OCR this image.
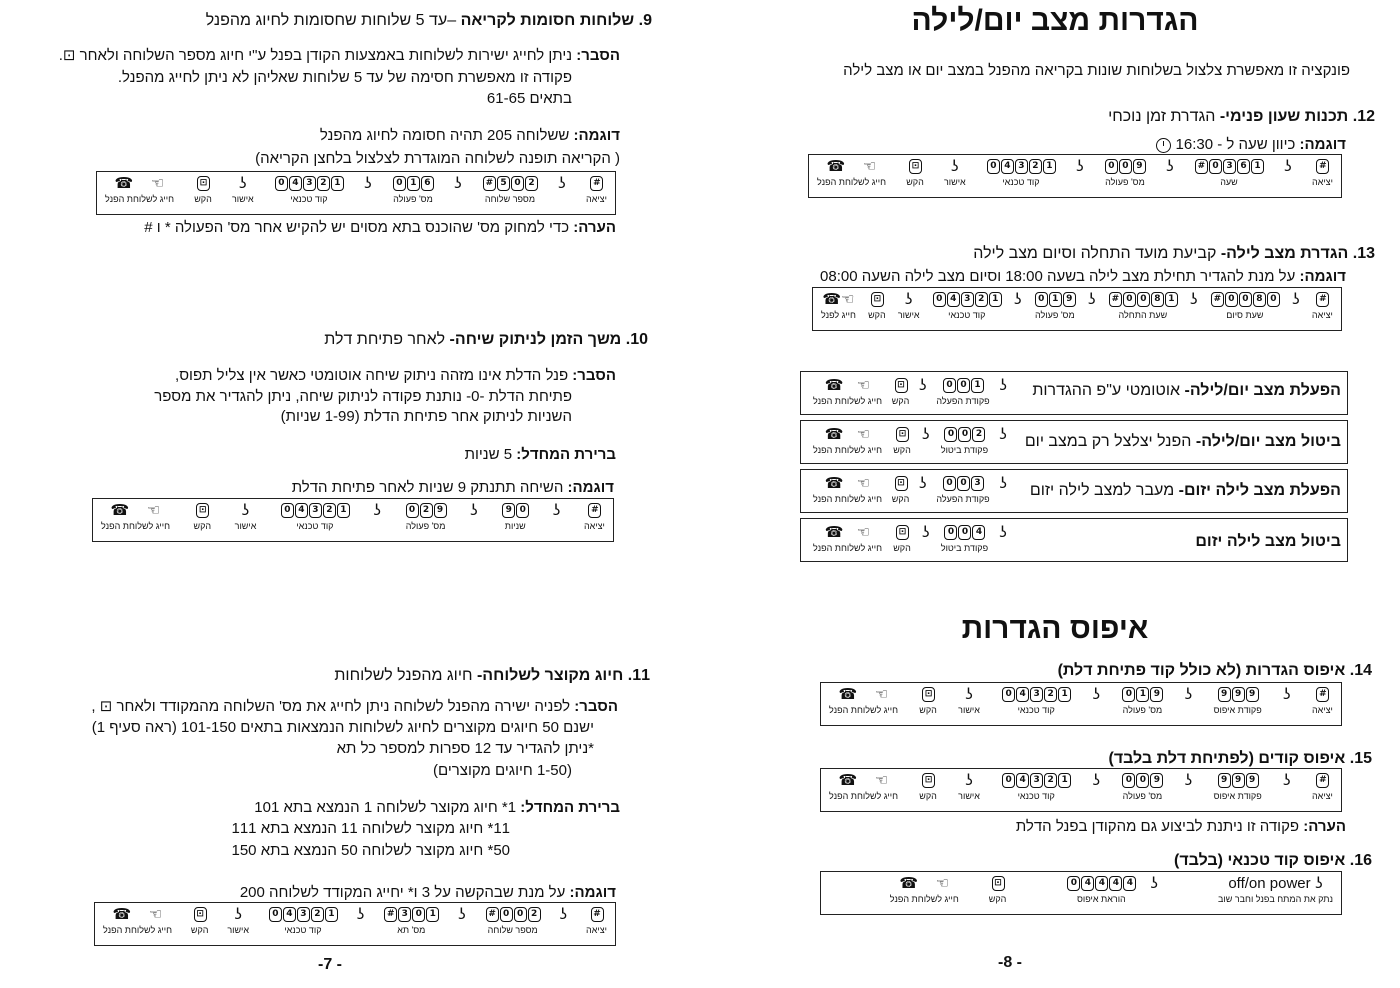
הגדרות מצב יום/לילה
פונקציה זו מאפשרת צלצול בשלוחות שונות בקריאה מהפנל במצב יום או מצב לילה
12. תכנות שעון פנימי- הגדרת זמן נוכחי
דוגמה: כיוון שעה ל - 16:30
#
יציאה
ʖ

1
6
3
0
#
שעה
ʖ

9
0
0
מס' פעולה
ʖ

1
2
3
4
0
קוד טכנאי
ʖ
אישור
⊡
הקש
☜

☎
חייג לשלוחת הפנל
13. הגדרת מצב לילה- קביעת מועד התחלה וסיום מצב לילה
דוגמה: על מנת להגדיר תחילת מצב לילה בשעה 18:00 וסיום מצב לילה השעה 08:00
#
יציאה
ʖ

0
8
0
0
#
שעת סיום
ʖ

1
8
0
0
#
שעת התחלה
ʖ

9
1
0
מס' פעולה
ʖ

1
2
3
4
0
קוד טכנאי
ʖ
אישור
⊡
הקש
☜
☎
חייג לפנל
הפעלת מצב יום/לילה- אוטומטי ע"פ ההגדרות
ʖ

1
0
0
פקודת הפעלה
ʖ

⊡
הקש
☜

☎
חייג לשלוחת הפנל
ביטול מצב יום/לילה- הפנל יצלצל רק במצב יום
ʖ

2
0
0
פקודת ביטול
ʖ

⊡
הקש
☜

☎
חייג לשלוחת הפנל
הפעלת מצב לילה יזום- מעבר למצב לילה יזום
ʖ

3
0
0
פקודת הפעלה
ʖ

⊡
הקש
☜

☎
חייג לשלוחת הפנל
ביטול מצב לילה יזום
ʖ

4
0
0
פקודת ביטול
ʖ

⊡
הקש
☜

☎
חייג לשלוחת הפנל
איפוס הגדרות
14. איפוס הגדרות (לא כולל קוד פתיחת דלת)
#
יציאה
ʖ

9
9
9
פקודת איפוס
ʖ

9
1
0
מס' פעולה
ʖ

1
2
3
4
0
קוד טכנאי
ʖ
אישור
⊡
הקש
☜

☎
חייג לשלוחת הפנל
15. איפוס קודים (לפתיחת דלת בלבד)
#
יציאה
ʖ

9
9
9
פקודת איפוס
ʖ

9
0
0
מס' פעולה
ʖ

1
2
3
4
0
קוד טכנאי
ʖ
אישור
⊡
הקש
☜

☎
חייג לשלוחת הפנל
הערה: פקודה זו ניתנת לביצוע גם מהקודן בפנל הדלת
16. איפוס קוד טכנאי (בלבד)
ʖ

off/on power
נתק את המתח בפנל וחבר שוב
ʖ

4
4
4
4
0
הוראת איפוס
⊡
הקש
☜

☎
חייג לשלוחת הפנל
-8 -
9. שלוחות חסומות לקריאה –עד 5 שלוחות שחסומות לחיוג מהפנל
הסבר: ניתן לחייג ישירות לשלוחות באמצעות הקודן בפנל ע"י חיוג מספר השלוחה ולאחר ⊡.
פקודה זו מאפשרת חסימה של עד 5 שלוחות שאליהן לא ניתן לחייג מהפנל.
בתאים 61-65
דוגמה: ששלוחה 205 תהיה חסומה לחיוג מהפנל
( הקריאה תופנה לשלוחה המוגדרת לצלצול בלחצן הקריאה)
#
יציאה
ʖ

2
0
5
#
מספר שלוחה
ʖ

6
1
0
מס' פעולה
ʖ

1
2
3
4
0
קוד טכנאי
ʖ
אישור
⊡
הקש
☜

☎
חייג לשלוחת הפנל
הערה: כדי למחוק מס' שהוכנס בתא מסוים יש להקיש אחר מס' הפעולה * ו #
10. משך הזמן לניתוק שיחה- לאחר פתיחת דלת
הסבר: פנל הדלת אינו מזהה ניתוק שיחה אוטומטי כאשר אין צליל תפוס,
פתיחת הדלת -0- נותנת פקודה לניתוק שיחה, ניתן להגדיר את מספר
השניות לניתוק אחר פתיחת הדלת (1-99 שניות)
ברירת המחדל: 5 שניות
דוגמה: השיחה תתנתק 9 שניות לאחר פתיחת הדלת
#
יציאה
ʖ

0
9
שניות
ʖ

9
2
0
מס' פעולה
ʖ

1
2
3
4
0
קוד טכנאי
ʖ
אישור
⊡
הקש
☜

☎
חייג לשלוחת הפנל
11. חיוג מקוצר לשלוחה- חיוג מהפנל לשלוחות
הסבר: לפניה ישירה מהפנל לשלוחה ניתן לחייג את מס' השלוחה מהמקודד ולאחר ⊡ ,
ישנם 50 חיוגים מקוצרים לחיוג לשלוחות הנמצאות בתאים 101-150 (ראה סעיף 1)
*ניתן להגדיר עד 12 ספרות למספר כל תא
(1-50 חיוגים מקוצרים)
ברירת המחדל: 1* חיוג מקוצר לשלוחה 1 הנמצא בתא 101
11* חיוג מקוצר לשלוחה 11 הנמצא בתא 111
50* חיוג מקוצר לשלוחה 50 הנמצא בתא 150
דוגמה: על מנת שבהקשה על 3 ו* יחייג המקודד לשלוחה 200
#
יציאה
ʖ

2
0
0
#
מספר שלוחה
ʖ

1
0
3
#
מס' תא
ʖ

1
2
3
4
0
קוד טכנאי
ʖ
אישור
⊡
הקש
☜

☎
חייג לשלוחת הפנל
-7 -
